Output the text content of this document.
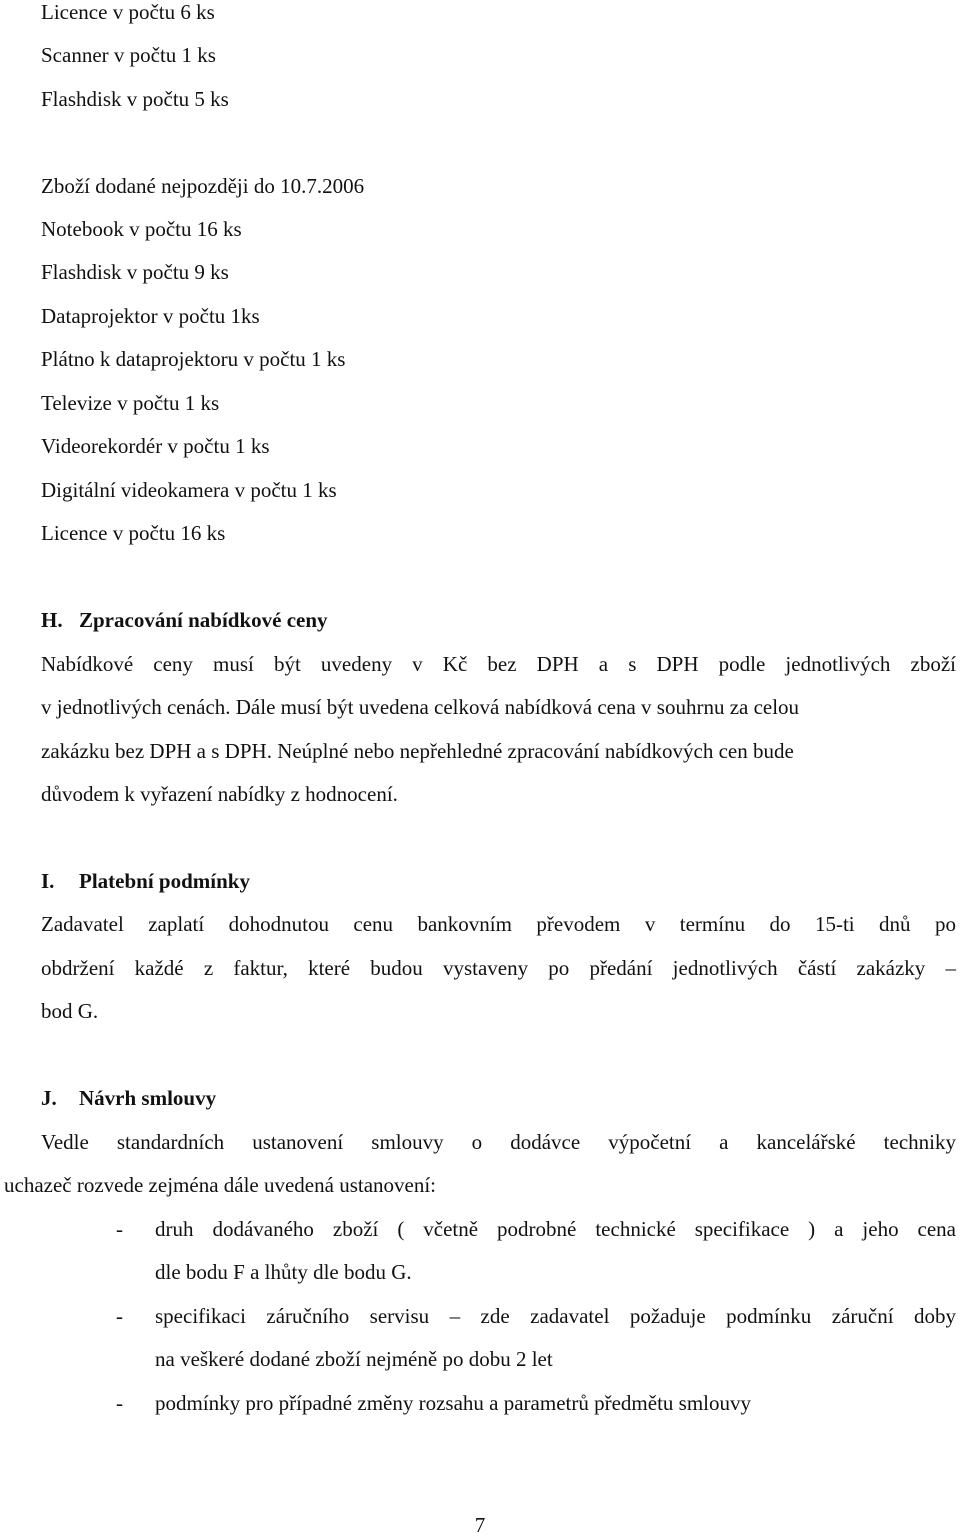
Licence v počtu 6 ks
Scanner v počtu 1 ks
Flashdisk v počtu 5 ks
Zboží dodané nejpozději do 10.7.2006
Notebook v počtu 16 ks
Flashdisk v počtu 9 ks
Dataprojektor v počtu 1ks
Plátno k dataprojektoru v počtu 1 ks
Televize v počtu 1 ks
Videorekordér v počtu 1 ks
Digitální videokamera v počtu 1 ks
Licence v počtu 16 ks
H. Zpracování nabídkové ceny
Nabídkové ceny musí být uvedeny v Kč bez DPH a s DPH podle jednotlivých zboží
v jednotlivých cenách. Dále musí být uvedena celková nabídková cena v souhrnu za celou
zakázku bez DPH a s DPH. Neúplné nebo nepřehledné zpracování nabídkových cen bude
důvodem k vyřazení nabídky z hodnocení.
I. Platební podmínky
Zadavatel zaplatí dohodnutou cenu bankovním převodem v termínu do 15-ti dnů po
obdržení každé z faktur, které budou vystaveny po předání jednotlivých částí zakázky –
bod G.
J. Návrh smlouvy
Vedle standardních ustanovení smlouvy o dodávce výpočetní a kancelářské techniky
uchazeč rozvede zejména dále uvedená ustanovení:
- druh dodávaného zboží ( včetně podrobné technické specifikace ) a jeho cena
dle bodu F a lhůty dle bodu G.
- specifikaci záručního servisu – zde zadavatel požaduje podmínku záruční doby
na veškeré dodané zboží nejméně po dobu 2 let
- podmínky pro případné změny rozsahu a parametrů předmětu smlouvy
7
